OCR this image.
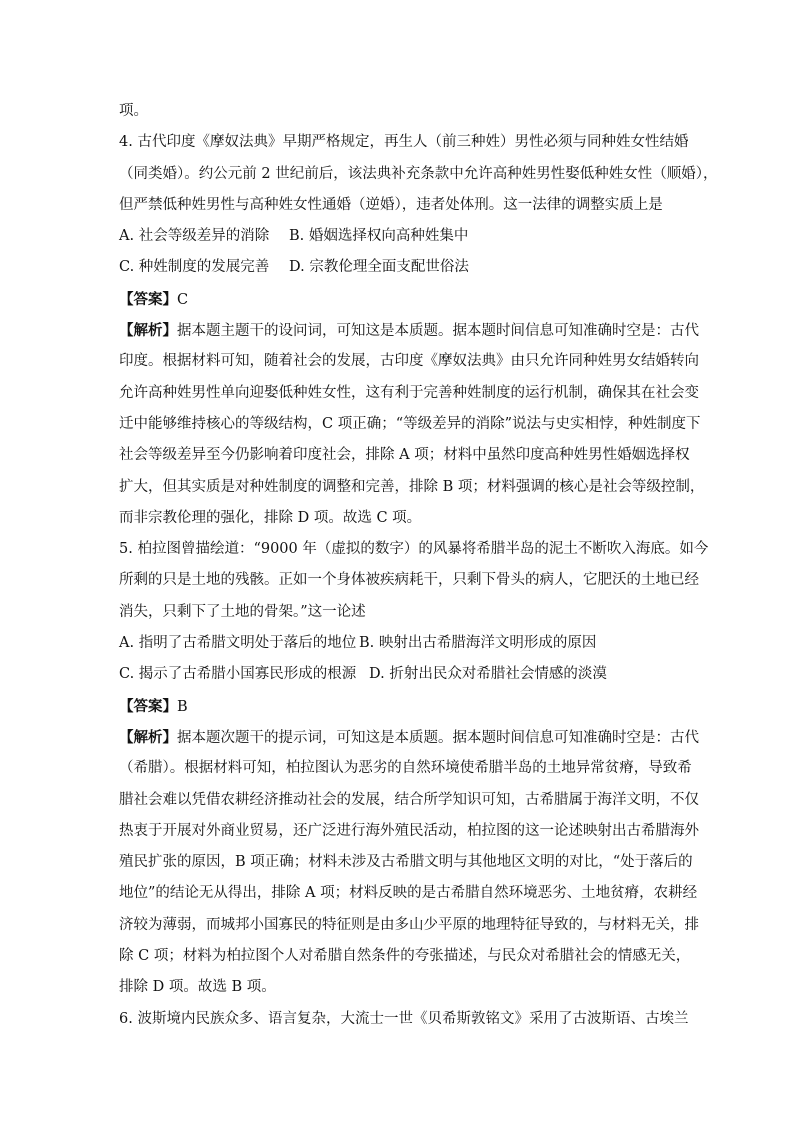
项。
4. 古代印度《摩奴法典》早期严格规定，再生人（前三种姓）男性必须与同种姓女性结婚
（同类婚）。约公元前 2 世纪前后，该法典补充条款中允许高种姓男性娶低种姓女性（顺婚），
但严禁低种姓男性与高种姓女性通婚（逆婚），违者处体刑。这一法律的调整实质上是
A. 社会等级差异的消除 B. 婚姻选择权向高种姓集中
C. 种姓制度的发展完善 D. 宗教伦理全面支配世俗法
【答案】C
【解析】据本题主题干的设问词，可知这是本质题。据本题时间信息可知准确时空是：古代
印度。根据材料可知，随着社会的发展，古印度《摩奴法典》由只允许同种姓男女结婚转向
允许高种姓男性单向迎娶低种姓女性，这有利于完善种姓制度的运行机制，确保其在社会变
迁中能够维持核心的等级结构，C 项正确；“等级差异的消除”说法与史实相悖，种姓制度下
社会等级差异至今仍影响着印度社会，排除 A 项；材料中虽然印度高种姓男性婚姻选择权
扩大，但其实质是对种姓制度的调整和完善，排除 B 项；材料强调的核心是社会等级控制，
而非宗教伦理的强化，排除 D 项。故选 C 项。
5. 柏拉图曾描绘道：“9000 年（虚拟的数字）的风暴将希腊半岛的泥土不断吹入海底。如今
所剩的只是土地的残骸。正如一个身体被疾病耗干，只剩下骨头的病人，它肥沃的土地已经
消失，只剩下了土地的骨架。”这一论述
A. 指明了古希腊文明处于落后的地位 B. 映射出古希腊海洋文明形成的原因
C. 揭示了古希腊小国寡民形成的根源 D. 折射出民众对希腊社会情感的淡漠
【答案】B
【解析】据本题次题干的提示词，可知这是本质题。据本题时间信息可知准确时空是：古代
（希腊）。根据材料可知，柏拉图认为恶劣的自然环境使希腊半岛的土地异常贫瘠，导致希
腊社会难以凭借农耕经济推动社会的发展，结合所学知识可知，古希腊属于海洋文明，不仅
热衷于开展对外商业贸易，还广泛进行海外殖民活动，柏拉图的这一论述映射出古希腊海外
殖民扩张的原因，B 项正确；材料未涉及古希腊文明与其他地区文明的对比，“处于落后的
地位”的结论无从得出，排除 A 项；材料反映的是古希腊自然环境恶劣、土地贫瘠，农耕经
济较为薄弱，而城邦小国寡民的特征则是由多山少平原的地理特征导致的，与材料无关，排
除 C 项；材料为柏拉图个人对希腊自然条件的夸张描述，与民众对希腊社会的情感无关，
排除 D 项。故选 B 项。
6. 波斯境内民族众多、语言复杂，大流士一世《贝希斯敦铭文》采用了古波斯语、古埃兰
